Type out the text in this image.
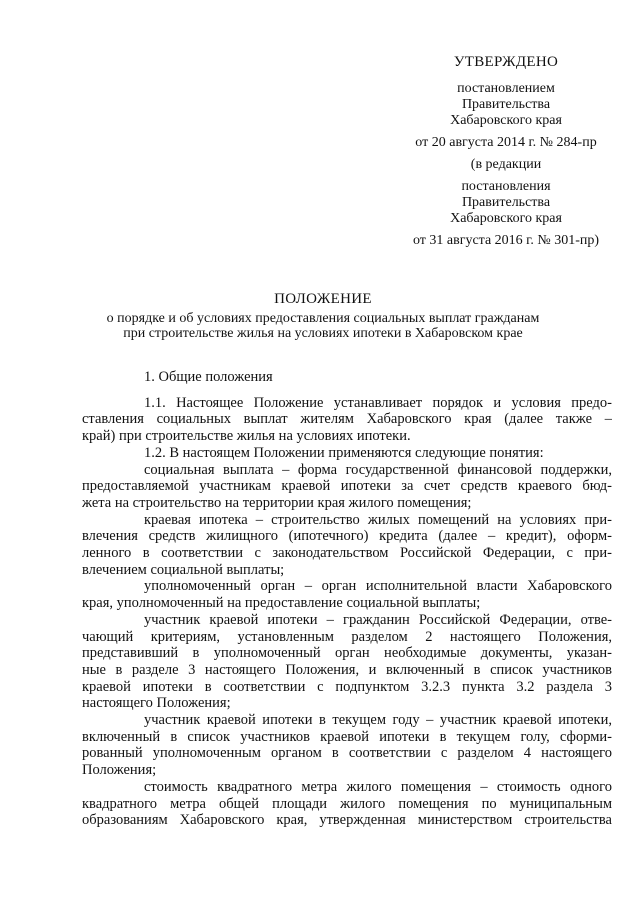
УТВЕРЖДЕНО
постановлением
Правительства
Хабаровского края
от 20 августа 2014 г. № 284-пр
(в редакции
постановления
Правительства
Хабаровского края
от 31 августа 2016 г. № 301-пр)
ПОЛОЖЕНИЕ
о порядке и об условиях предоставления социальных выплат гражданам
при строительстве жилья на условиях ипотеки в Хабаровском крае
1. Общие положения

1.1. Настоящее Положение устанавливает порядок и условия предо-
ставления социальных выплат жителям Хабаровского края (далее также –
край) при строительстве жилья на условиях ипотеки.

1.2. В настоящем Положении применяются следующие понятия:

социальная выплата – форма государственной финансовой поддержки,
предоставляемой участникам краевой ипотеки за счет средств краевого бюд-
жета на строительство на территории края жилого помещения;

краевая ипотека – строительство жилых помещений на условиях при-
влечения средств жилищного (ипотечного) кредита (далее – кредит), оформ-
ленного в соответствии с законодательством Российской Федерации, с при-
влечением социальной выплаты;

уполномоченный орган – орган исполнительной власти Хабаровского
края, уполномоченный на предоставление социальной выплаты;

участник краевой ипотеки – гражданин Российской Федерации, отве-
чающий критериям, установленным разделом 2 настоящего Положения,
представивший в уполномоченный орган необходимые документы, указан-
ные в разделе 3 настоящего Положения, и включенный в список участников
краевой ипотеки в соответствии с подпунктом 3.2.3 пункта 3.2 раздела 3
настоящего Положения;

участник краевой ипотеки в текущем году – участник краевой ипотеки,
включенный в список участников краевой ипотеки в текущем голу, сформи-
рованный уполномоченным органом в соответствии с разделом 4 настоящего
Положения;

стоимость квадратного метра жилого помещения – стоимость одного
квадратного метра общей площади жилого помещения по муниципальным
образованиям Хабаровского края, утвержденная министерством строительства
